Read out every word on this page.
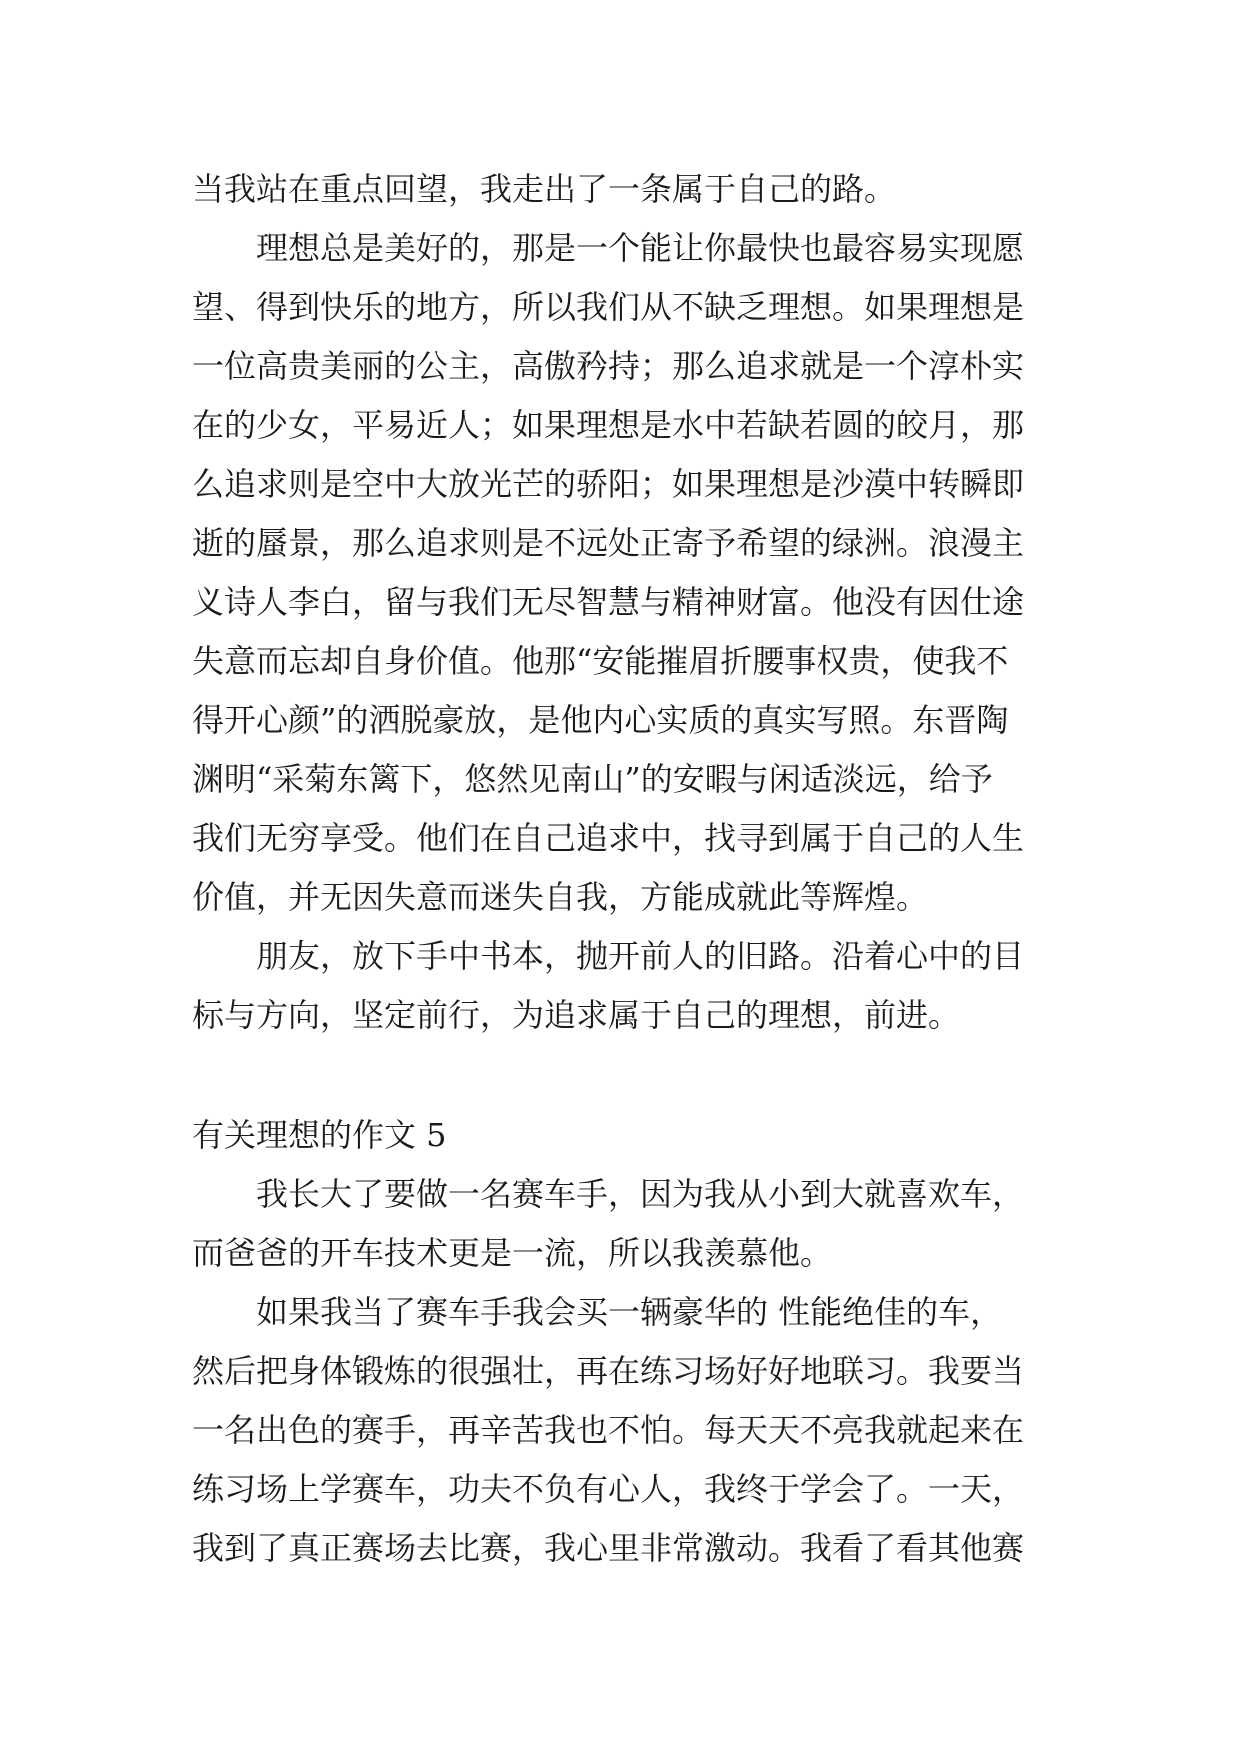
当我站在重点回望，我走出了一条属于自己的路。
理想总是美好的，那是一个能让你最快也最容易实现愿
望、得到快乐的地方，所以我们从不缺乏理想。如果理想是
一位高贵美丽的公主，高傲矜持；那么追求就是一个淳朴实
在的少女，平易近人；如果理想是水中若缺若圆的皎月，那
么追求则是空中大放光芒的骄阳；如果理想是沙漠中转瞬即
逝的蜃景，那么追求则是不远处正寄予希望的绿洲。浪漫主
义诗人李白，留与我们无尽智慧与精神财富。他没有因仕途
失意而忘却自身价值。他那“安能摧眉折腰事权贵，使我不
得开心颜”的洒脱豪放，是他内心实质的真实写照。东晋陶
渊明“采菊东篱下，悠然见南山”的安暇与闲适淡远，给予
我们无穷享受。他们在自己追求中，找寻到属于自己的人生
价值，并无因失意而迷失自我，方能成就此等辉煌。
朋友，放下手中书本，抛开前人的旧路。沿着心中的目
标与方向，坚定前行，为追求属于自己的理想，前进。
有关理想的作文 5
我长大了要做一名赛车手，因为我从小到大就喜欢车，
而爸爸的开车技术更是一流，所以我羡慕他。
如果我当了赛车手我会买一辆豪华的 性能绝佳的车，
然后把身体锻炼的很强壮，再在练习场好好地联习。我要当
一名出色的赛手，再辛苦我也不怕。每天天不亮我就起来在
练习场上学赛车，功夫不负有心人，我终于学会了。一天，
我到了真正赛场去比赛，我心里非常激动。我看了看其他赛
